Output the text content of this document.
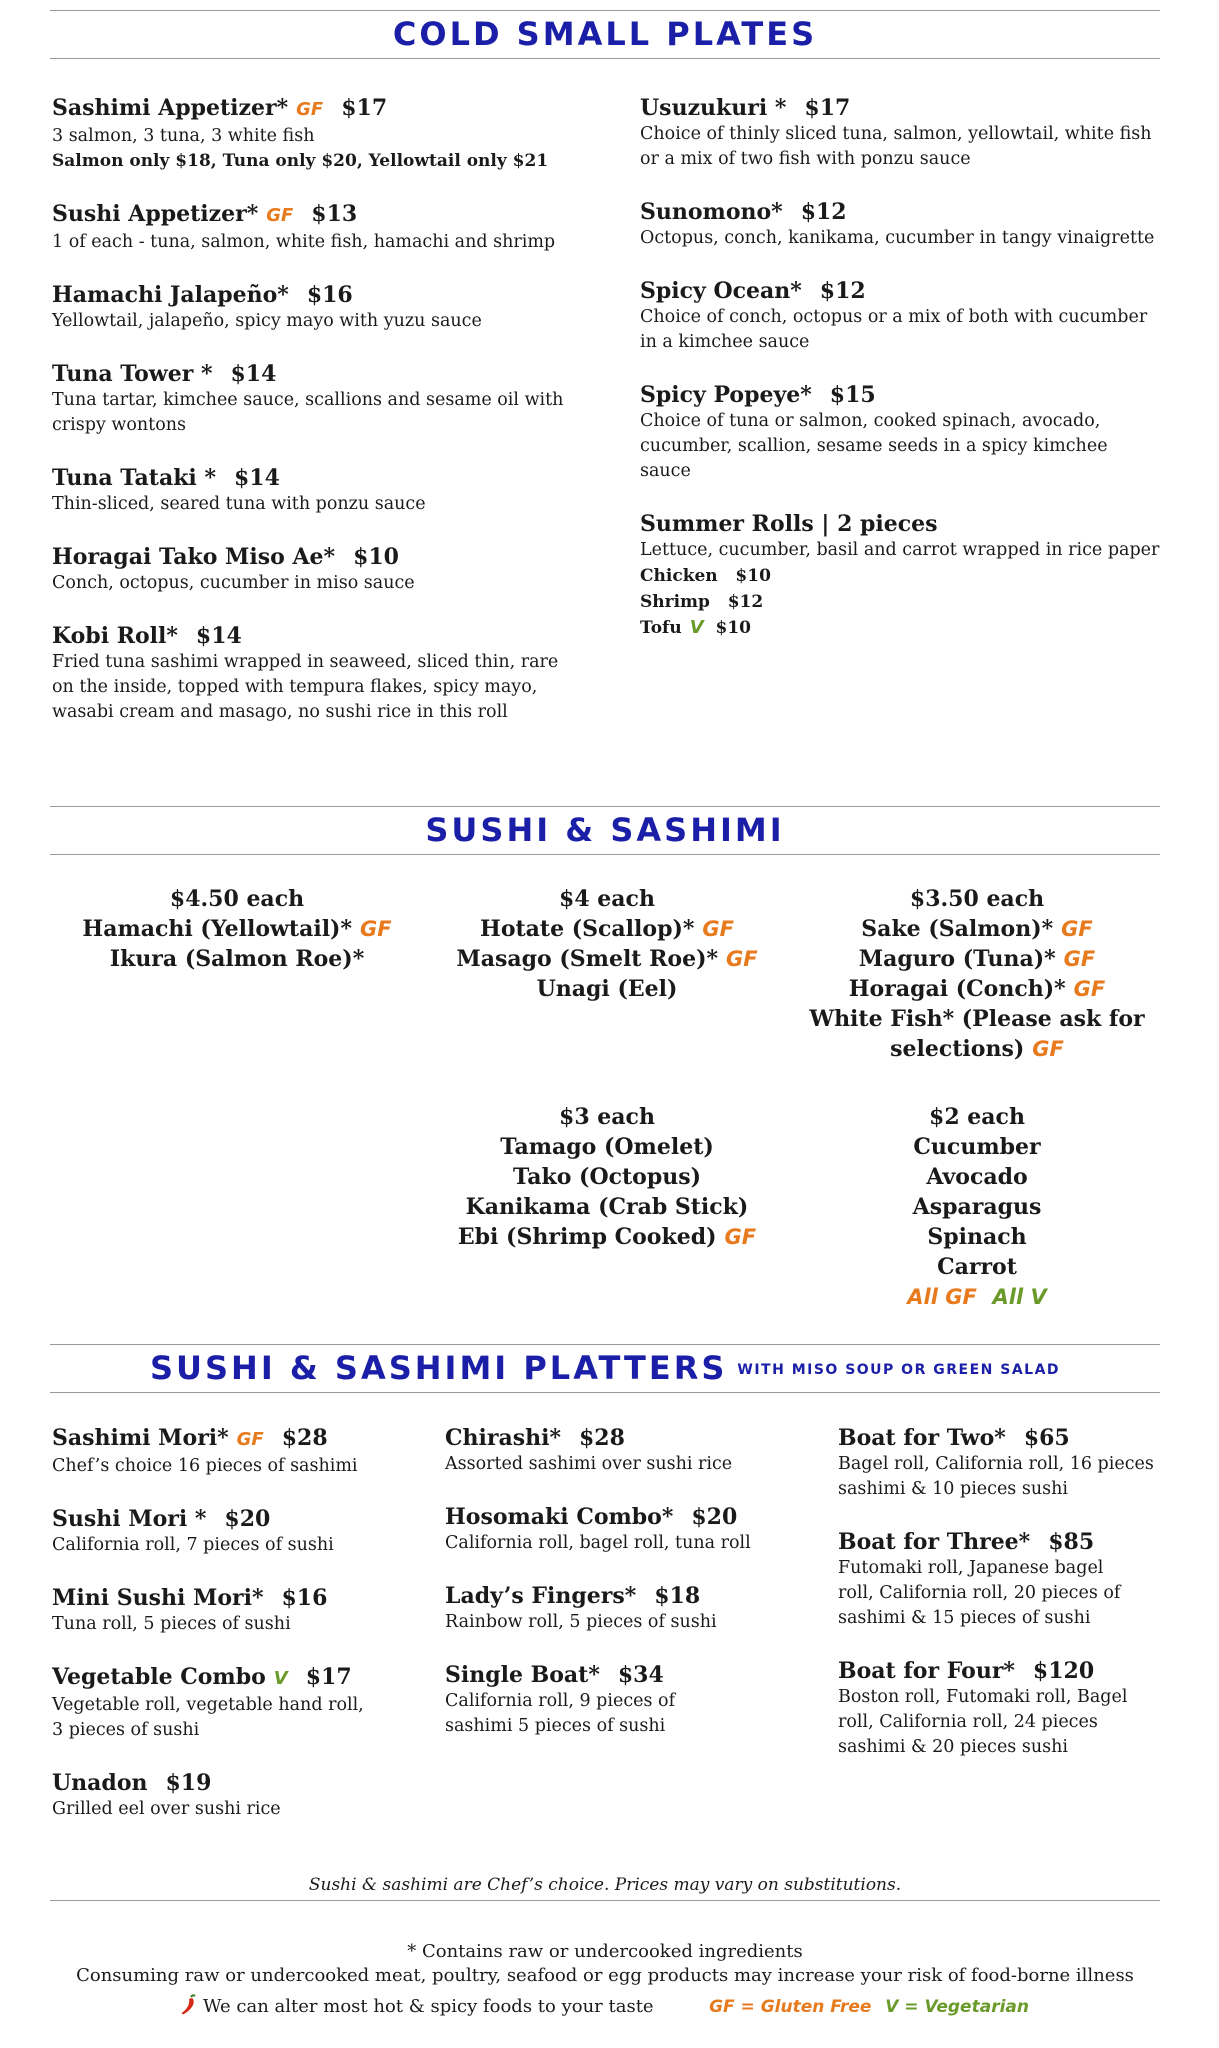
COLD SMALL PLATES
Sashimi Appetizer* GF $17
3 salmon, 3 tuna, 3 white fish
Salmon only $18, Tuna only $20, Yellowtail only $21
Sushi Appetizer* GF $13
1 of each - tuna, salmon, white fish, hamachi and shrimp
Hamachi Jalapeño* $16
Yellowtail, jalapeño, spicy mayo with yuzu sauce
Tuna Tower * $14
Tuna tartar, kimchee sauce, scallions and sesame oil with crispy wontons
Tuna Tataki * $14
Thin-sliced, seared tuna with ponzu sauce
Horagai Tako Miso Ae* $10
Conch, octopus, cucumber in miso sauce
Kobi Roll* $14
Fried tuna sashimi wrapped in seaweed, sliced thin, rare on the inside, topped with tempura flakes, spicy mayo, wasabi cream and masago, no sushi rice in this roll
Usuzukuri * $17
Choice of thinly sliced tuna, salmon, yellowtail, white fish or a mix of two fish with ponzu sauce
Sunomono* $12
Octopus, conch, kanikama, cucumber in tangy vinaigrette
Spicy Ocean* $12
Choice of conch, octopus or a mix of both with cucumber in a kimchee sauce
Spicy Popeye* $15
Choice of tuna or salmon, cooked spinach, avocado, cucumber, scallion, sesame seeds in a spicy kimchee sauce
Summer Rolls | 2 pieces
Lettuce, cucumber, basil and carrot wrapped in rice paper
Chicken $10
Shrimp $12
Tofu V $10
SUSHI & SASHIMI
$4.50 each
Hamachi (Yellowtail)* GF
Ikura (Salmon Roe)*
$4 each
Hotate (Scallop)* GF
Masago (Smelt Roe)* GF
Unagi (Eel)
$3.50 each
Sake (Salmon)* GF
Maguro (Tuna)* GF
Horagai (Conch)* GF
White Fish* (Please ask for
selections) GF
$3 each
Tamago (Omelet)
Tako (Octopus)
Kanikama (Crab Stick)
Ebi (Shrimp Cooked) GF
$2 each
Cucumber
Avocado
Asparagus
Spinach
Carrot
All GF All V
SUSHI & SASHIMI PLATTERS WITH MISO SOUP OR GREEN SALAD
Sashimi Mori* GF $28
Chef’s choice 16 pieces of sashimi
Sushi Mori * $20
California roll, 7 pieces of sushi
Mini Sushi Mori* $16
Tuna roll, 5 pieces of sushi
Vegetable Combo V $17
Vegetable roll, vegetable hand roll, 3 pieces of sushi
Unadon $19
Grilled eel over sushi rice
Chirashi* $28
Assorted sashimi over sushi rice
Hosomaki Combo* $20
California roll, bagel roll, tuna roll
Lady’s Fingers* $18
Rainbow roll, 5 pieces of sushi
Single Boat* $34
California roll, 9 pieces of sashimi 5 pieces of sushi
Boat for Two* $65
Bagel roll, California roll, 16 pieces sashimi & 10 pieces sushi
Boat for Three* $85
Futomaki roll, Japanese bagel roll, California roll, 20 pieces of sashimi & 15 pieces of sushi
Boat for Four* $120
Boston roll, Futomaki roll, Bagel roll, California roll, 24 pieces sashimi & 20 pieces sushi
Sushi & sashimi are Chef’s choice. Prices may vary on substitutions.
* Contains raw or undercooked ingredients
Consuming raw or undercooked meat, poultry, seafood or egg products may increase your risk of food-borne illness
We can alter most hot & spicy foods to your taste	GF = Gluten Free V = Vegetarian
